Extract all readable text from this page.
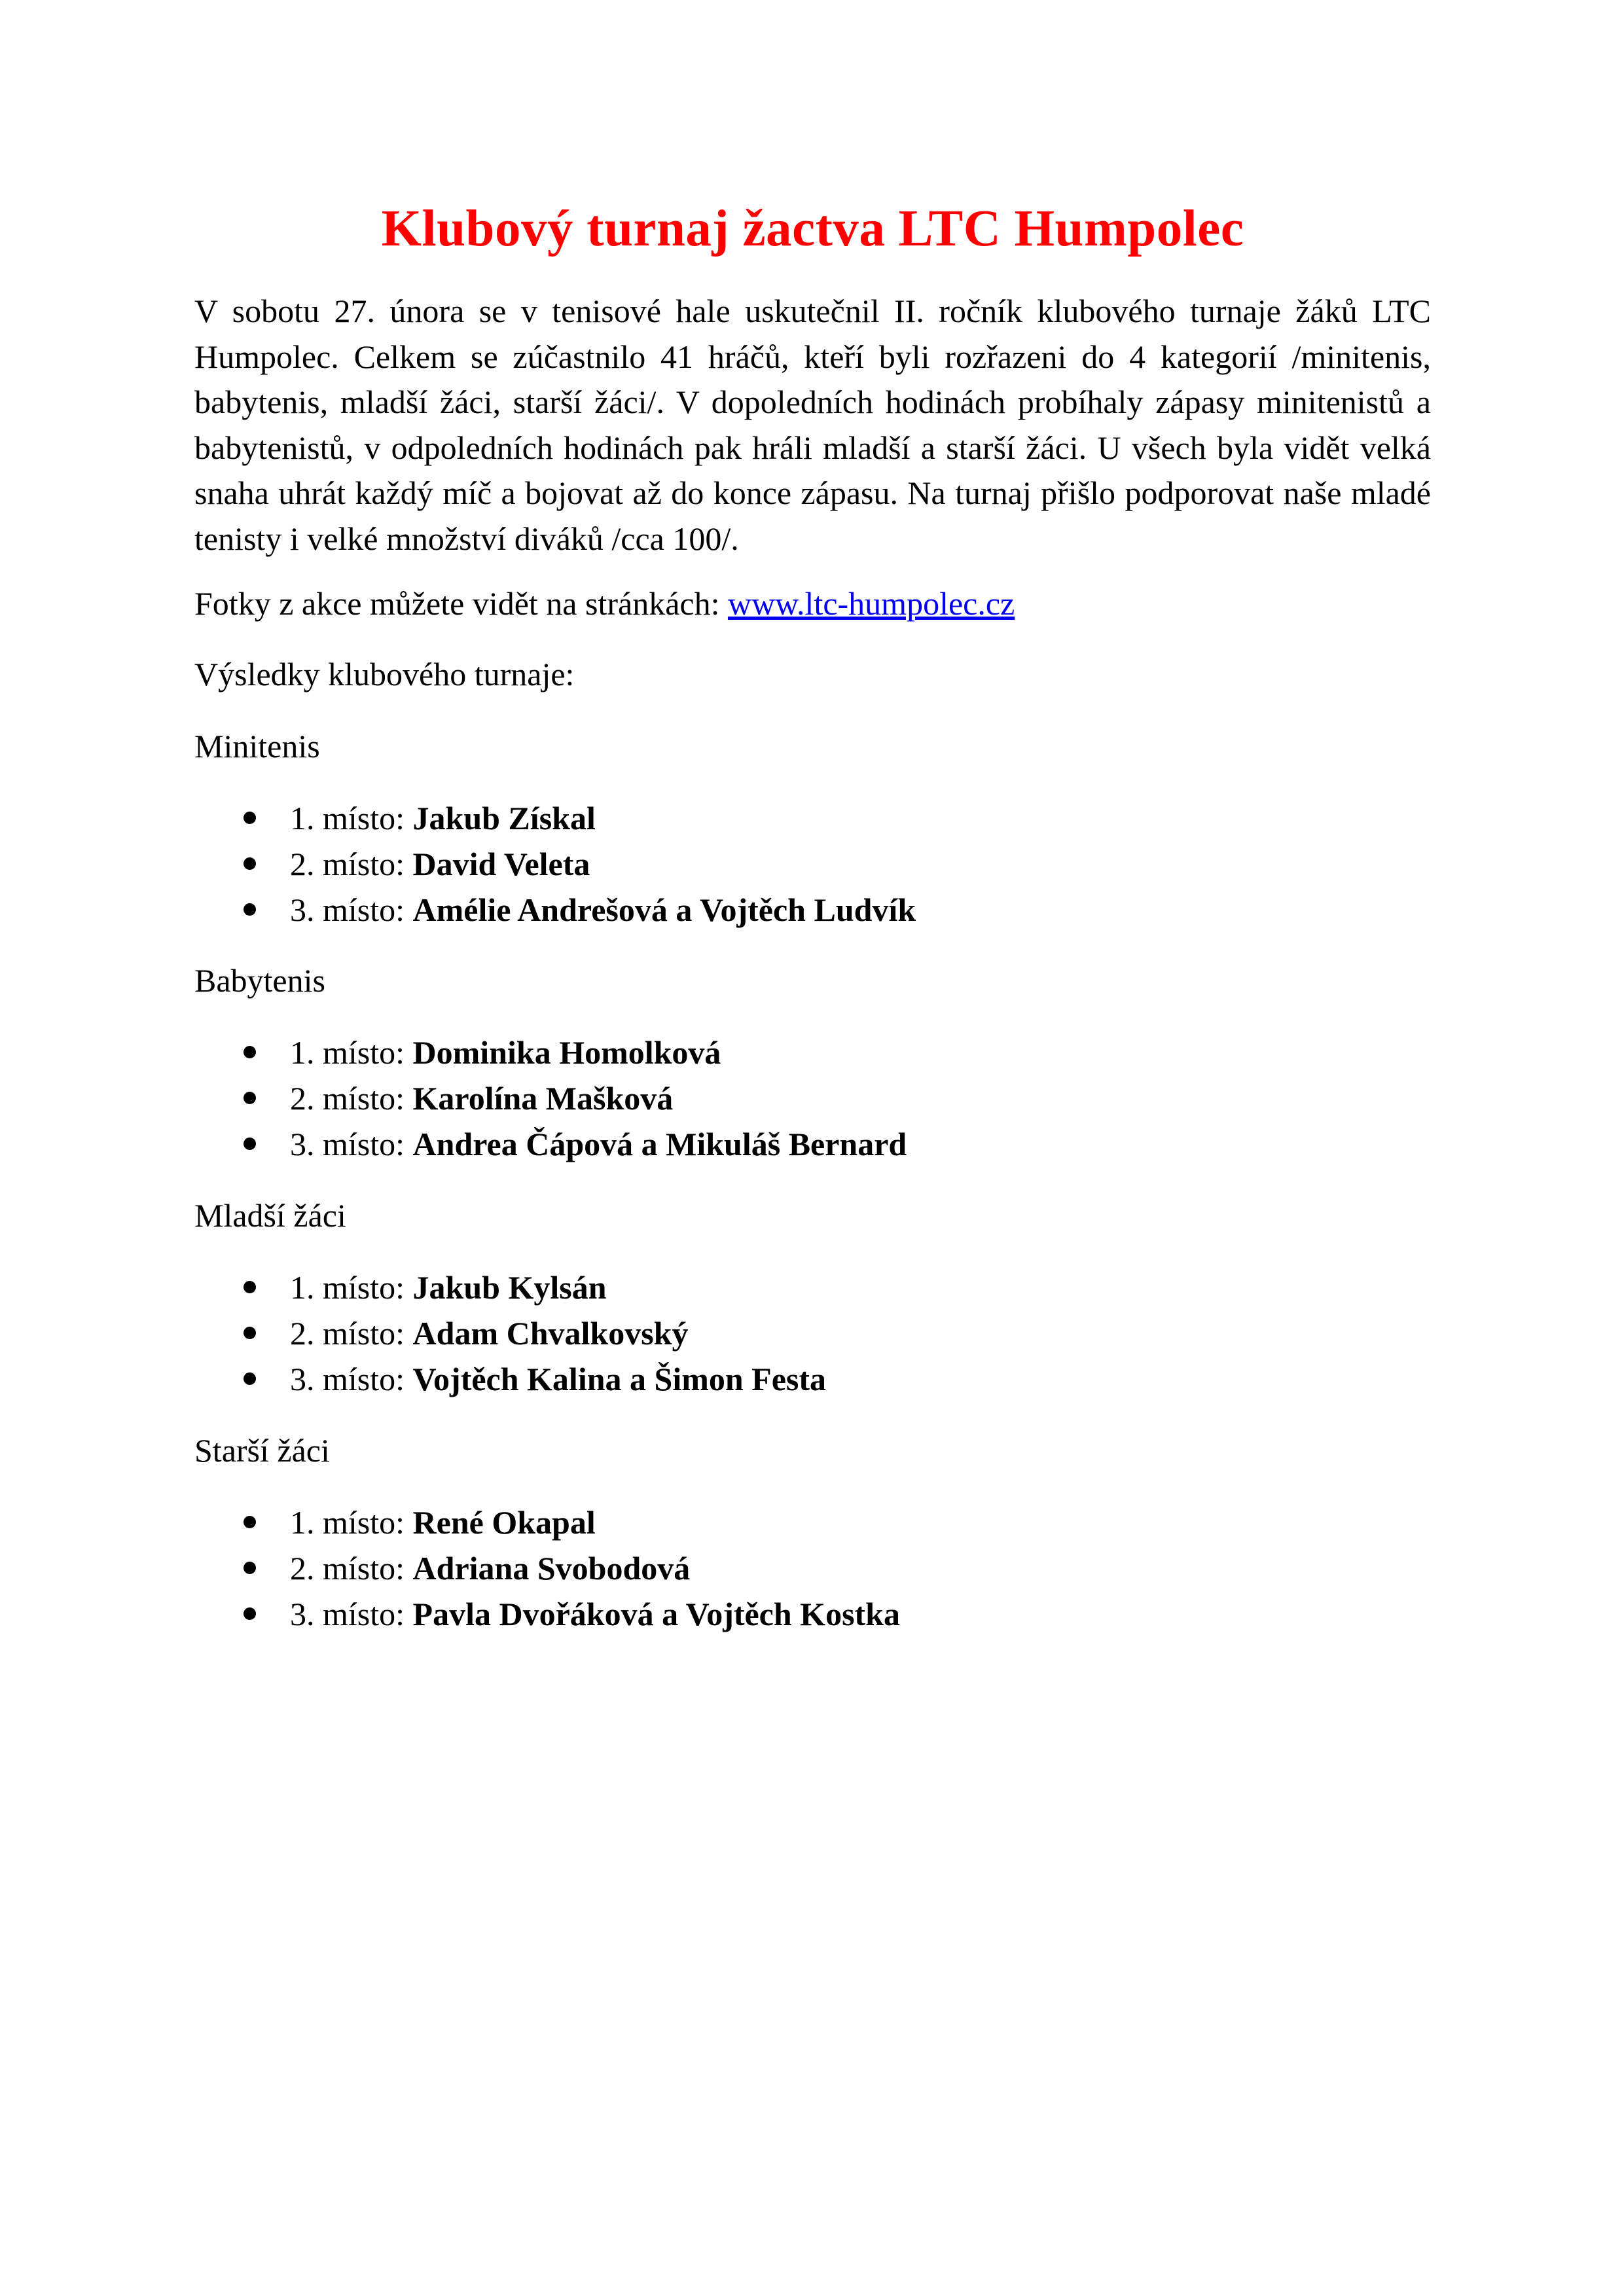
Klubový turnaj žactva LTC Humpolec

V sobotu 27. února se v tenisové hale uskutečnil II. ročník klubového turnaje žáků LTC Humpolec. Celkem se zúčastnilo 41 hráčů, kteří byli rozřazeni do 4 kategorií /minitenis, babytenis, mladší žáci, starší žáci/. V dopoledních hodinách probíhaly zápasy minitenistů a babytenistů, v odpoledních hodinách pak hráli mladší a starší žáci. U všech byla vidět velká snaha uhrát každý míč a bojovat až do konce zápasu. Na turnaj přišlo podporovat naše mladé tenisty i velké množství diváků /cca 100/.

Fotky z akce můžete vidět na stránkách: www.ltc-humpolec.cz

Výsledky klubového turnaje:

Minitenis

1. místo: Jakub Získal
2. místo: David Veleta
3. místo: Amélie Andrešová a Vojtěch Ludvík

Babytenis

1. místo: Dominika Homolková
2. místo: Karolína Mašková
3. místo: Andrea Čápová a Mikuláš Bernard

Mladší žáci

1. místo: Jakub Kylsán
2. místo: Adam Chvalkovský
3. místo: Vojtěch Kalina a Šimon Festa

Starší žáci

1. místo: René Okapal
2. místo: Adriana Svobodová
3. místo: Pavla Dvořáková a Vojtěch Kostka
